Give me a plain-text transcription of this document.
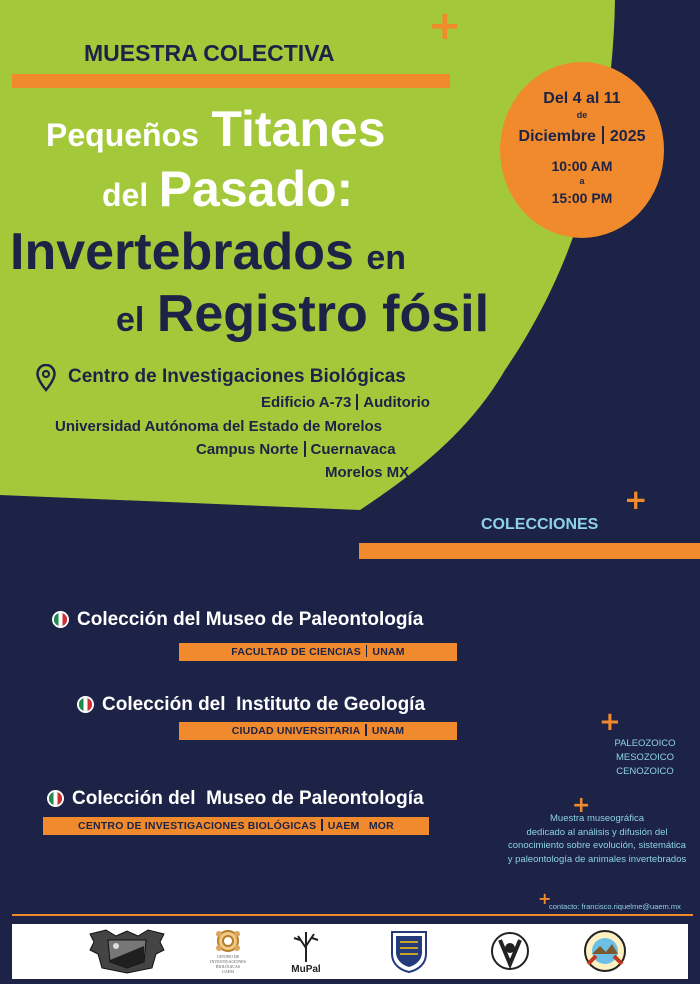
+
MUESTRA COLECTIVA
Pequeños Titanes
del Pasado:
Invertebrados en
el Registro fósil
Del 4 al 11
de
Diciembre 2025
10:00 AM
a
15:00 PM
Centro de Investigaciones Biológicas
Edificio A-73 Auditorio
Universidad Autónoma del Estado de Morelos
Campus Norte Cuernavaca
Morelos MX
+
COLECCIONES
Colección del Museo de Paleontología
FACULTAD DE CIENCIAS UNAM
Colección del  Instituto de Geología
CIUDAD UNIVERSITARIA UNAM
Colección del  Museo de Paleontología
CENTRO DE INVESTIGACIONES BIOLÓGICAS UAEM   MOR
+
PALEOZOICO
MESOZOICO
CENOZOICO
+
Muestra museográfica
dedicado al análisis y difusión del
conocimiento sobre evolución, sistemática
y paleontología de animales invertebrados
+
contacto: francisco.riquelme@uaem.mx
CENTRO DE
INVESTIGACIONES
BIOLÓGICAS
UAEM	MuPal
